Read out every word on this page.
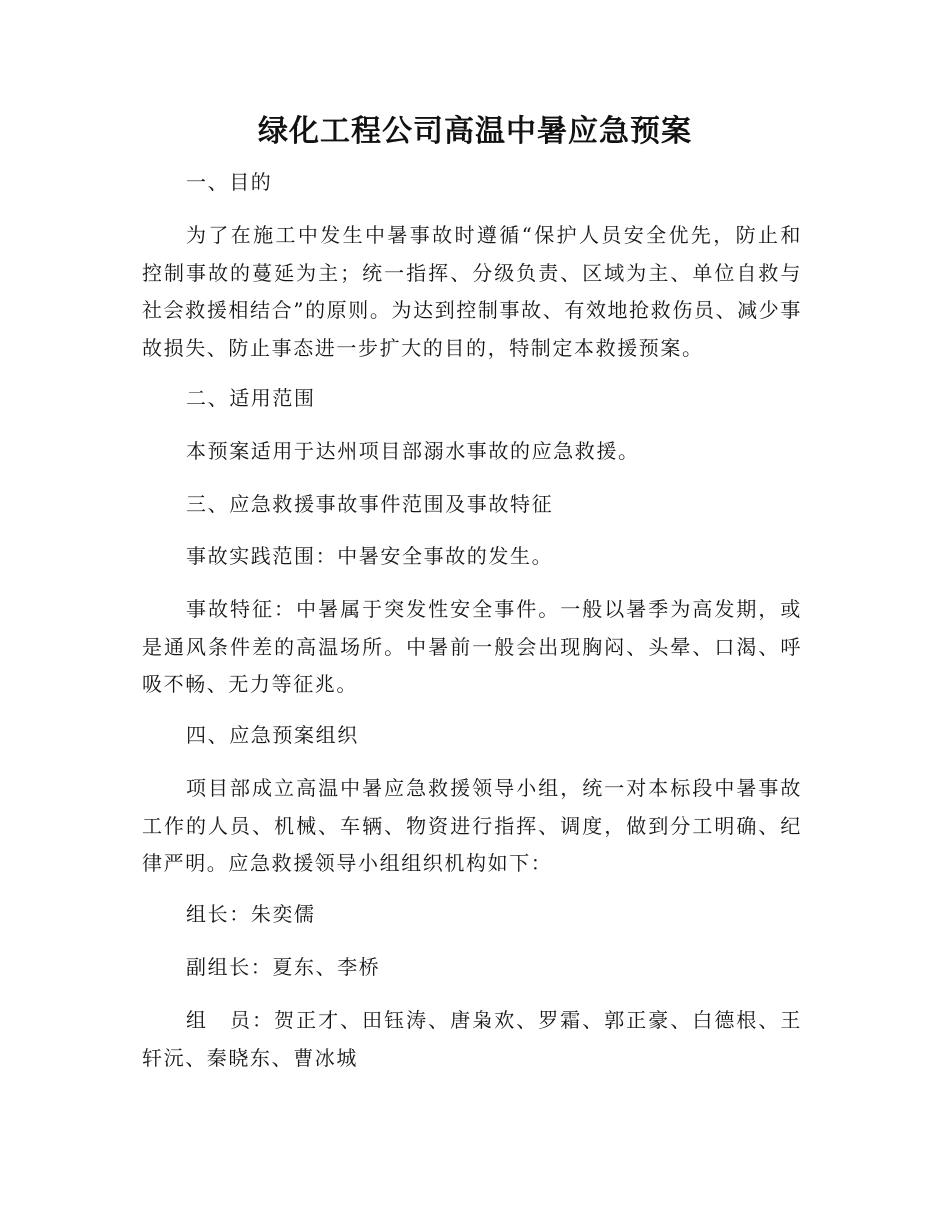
绿化工程公司高温中暑应急预案

一、目的

为了在施工中发生中暑事故时遵循“保护人员安全优先，防止和控制事故的蔓延为主；统一指挥、分级负责、区域为主、单位自救与社会救援相结合”的原则。为达到控制事故、有效地抢救伤员、减少事故损失、防止事态进一步扩大的目的，特制定本救援预案。

二、适用范围

本预案适用于达州项目部溺水事故的应急救援。

三、应急救援事故事件范围及事故特征

事故实践范围：中暑安全事故的发生。

事故特征：中暑属于突发性安全事件。一般以暑季为高发期，或是通风条件差的高温场所。中暑前一般会出现胸闷、头晕、口渴、呼吸不畅、无力等征兆。

四、应急预案组织

项目部成立高温中暑应急救援领导小组，统一对本标段中暑事故工作的人员、机械、车辆、物资进行指挥、调度，做到分工明确、纪律严明。应急救援领导小组组织机构如下：

组长：朱奕儒

副组长：夏东、李桥

组　员：贺正才、田钰涛、唐枭欢、罗霜、郭正豪、白德根、王轩沅、秦晓东、曹冰城
